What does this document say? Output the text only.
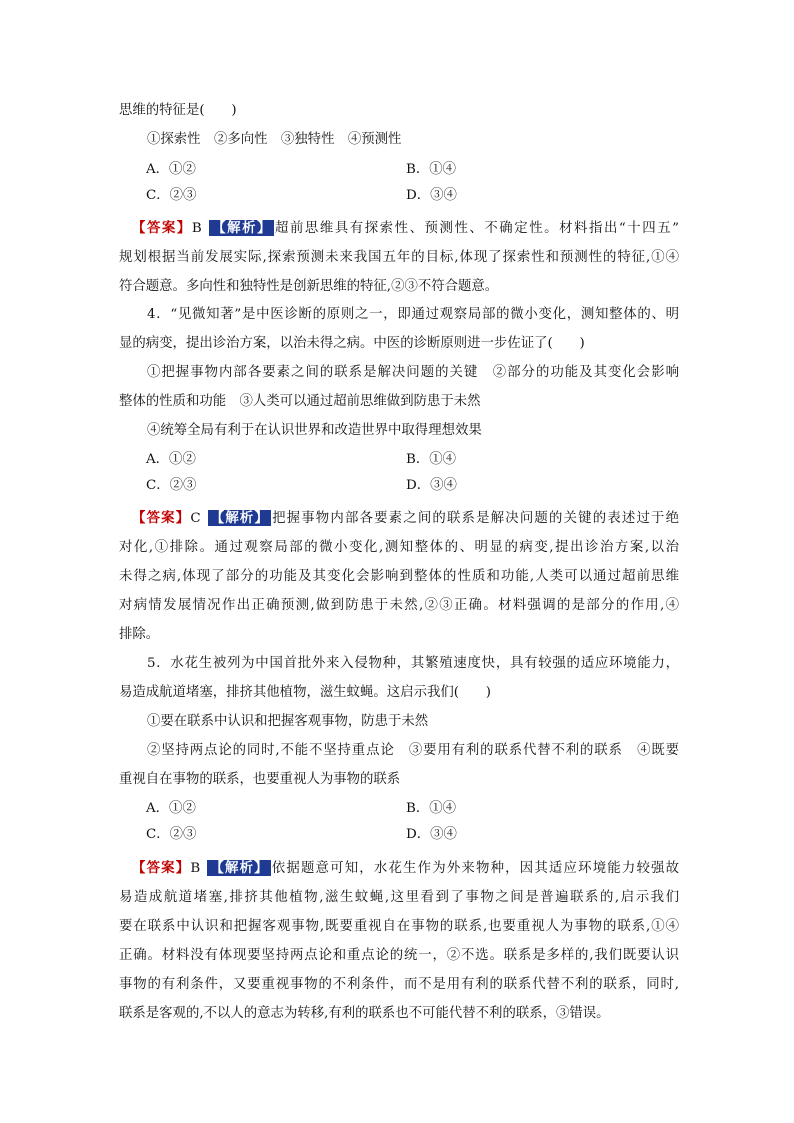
思维的特征是(　　)
①探索性　②多向性　③独特性　④预测性
A．①②	B．①④
C．②③	D．③④
【答案】B 【解析】 超前思维具有探索性、预测性、不确定性。材料指出“十四五”
规划根据当前发展实际,探索预测未来我国五年的目标,体现了探索性和预测性的特征,①④
符合题意。多向性和独特性是创新思维的特征,②③不符合题意。
4．“见微知著”是中医诊断的原则之一，即通过观察局部的微小变化，测知整体的、明
显的病变，提出诊治方案，以治未得之病。中医的诊断原则进一步佐证了(　　)
①把握事物内部各要素之间的联系是解决问题的关键　②部分的功能及其变化会影响
整体的性质和功能　③人类可以通过超前思维做到防患于未然
④统筹全局有利于在认识世界和改造世界中取得理想效果
A．①②	B．①④
C．②③	D．③④
【答案】C 【解析】 把握事物内部各要素之间的联系是解决问题的关键的表述过于绝
对化,①排除。通过观察局部的微小变化,测知整体的、明显的病变,提出诊治方案,以治
未得之病,体现了部分的功能及其变化会影响到整体的性质和功能,人类可以通过超前思维
对病情发展情况作出正确预测,做到防患于未然,②③正确。材料强调的是部分的作用,④
排除。
5．水花生被列为中国首批外来入侵物种，其繁殖速度快，具有较强的适应环境能力，
易造成航道堵塞，排挤其他植物，滋生蚊蝇。这启示我们(　　)
①要在联系中认识和把握客观事物，防患于未然
②坚持两点论的同时,不能不坚持重点论　③要用有利的联系代替不利的联系　④既要
重视自在事物的联系，也要重视人为事物的联系
A．①②	B．①④
C．②③	D．③④
【答案】B 【解析】 依据题意可知，水花生作为外来物种，因其适应环境能力较强故
易造成航道堵塞,排挤其他植物,滋生蚊蝇,这里看到了事物之间是普遍联系的,启示我们
要在联系中认识和把握客观事物,既要重视自在事物的联系,也要重视人为事物的联系,①④
正确。材料没有体现要坚持两点论和重点论的统一，②不选。联系是多样的,我们既要认识
事物的有利条件，又要重视事物的不利条件，而不是用有利的联系代替不利的联系，同时,
联系是客观的,不以人的意志为转移,有利的联系也不可能代替不利的联系，③错误。
